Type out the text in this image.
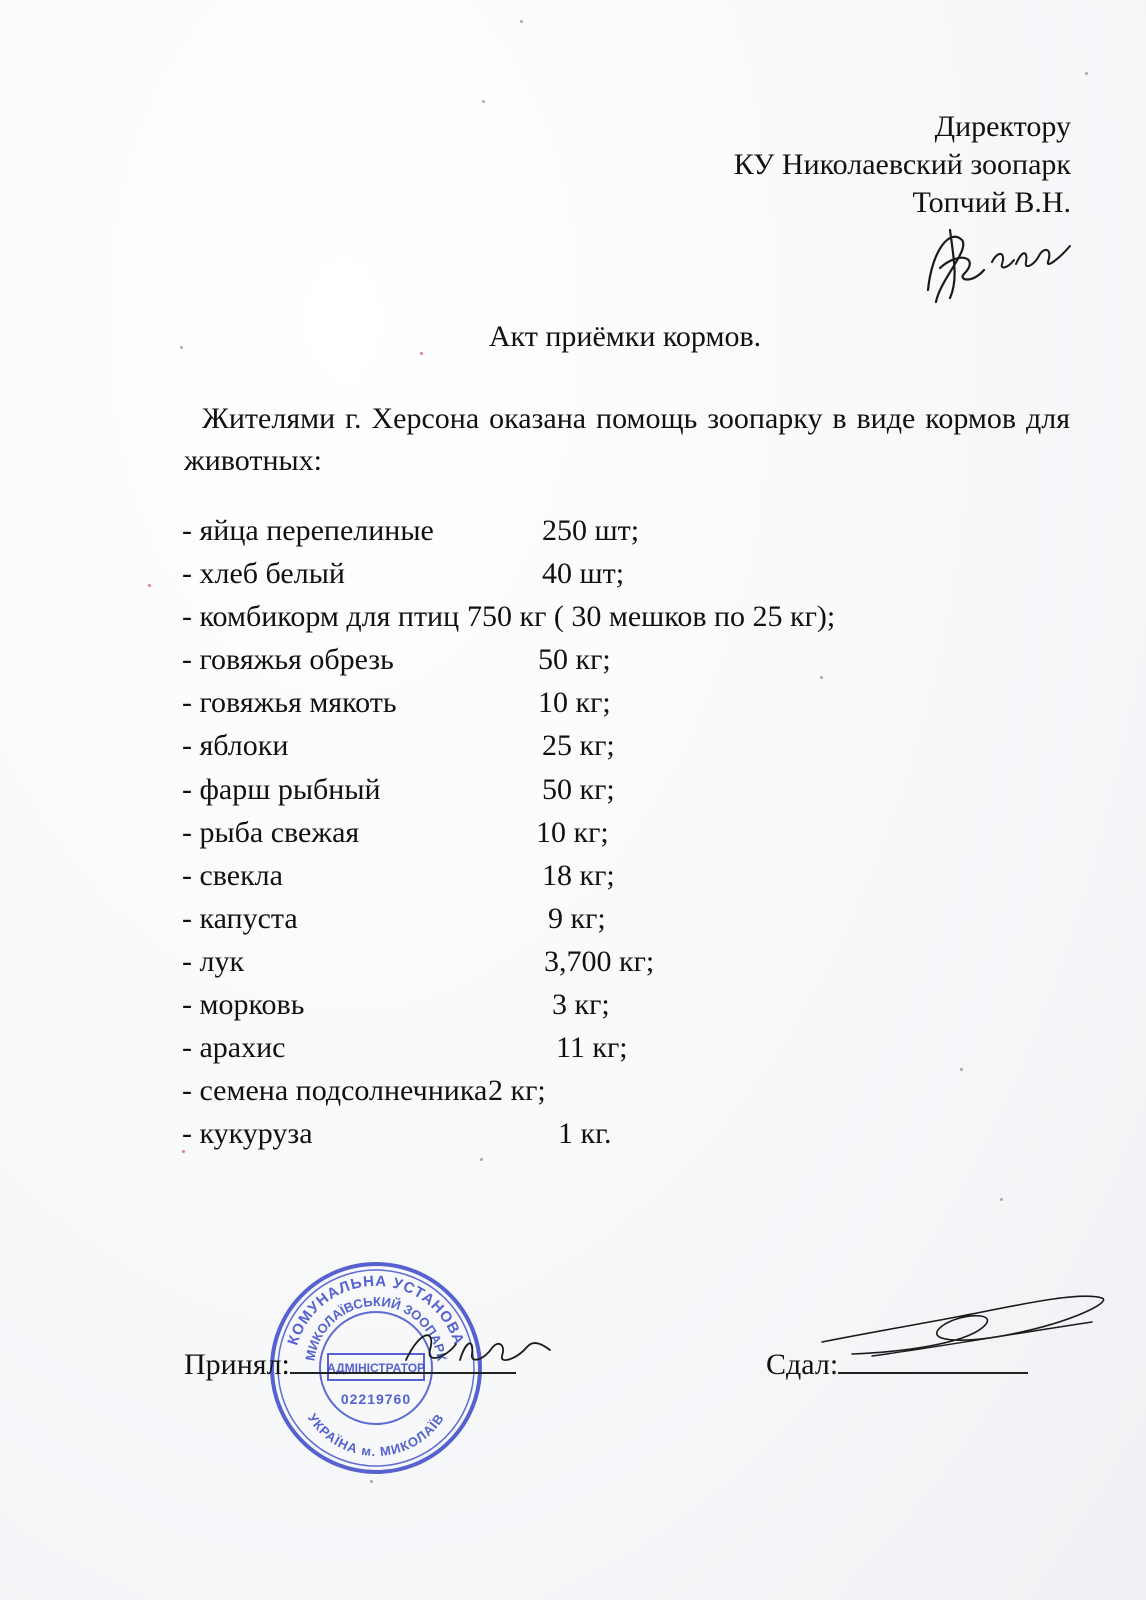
Директору
КУ Николаевский зоопарк
Топчий В.Н.
Акт приёмки кормов.
Жителями г. Херсона оказана помощь зоопарку в виде кормов для животных:
- яйца перепелиные	250 шт;
- хлеб белый	40 шт;
- комбикорм для птиц 750 кг ( 30 мешков по 25 кг);
- говяжья обрезь	50 кг;
- говяжья мякоть	10 кг;
- яблоки	25 кг;
- фарш рыбный	50 кг;
- рыба свежая	10 кг;
- свекла	18 кг;
- капуста	9 кг;
- лук	3,700 кг;
- морковь	3 кг;
- арахис	11 кг;
- семена подсолнечника 2 кг;
- кукуруза	1 кг.
КОМУНАЛЬНА УСТАНОВА
МИКОЛАЇВСЬКИЙ ЗООПАРК
УКРАЇНА м. МИКОЛАЇВ
АДМІНІСТРАТОР
02219760
Принял:	Сдал:
